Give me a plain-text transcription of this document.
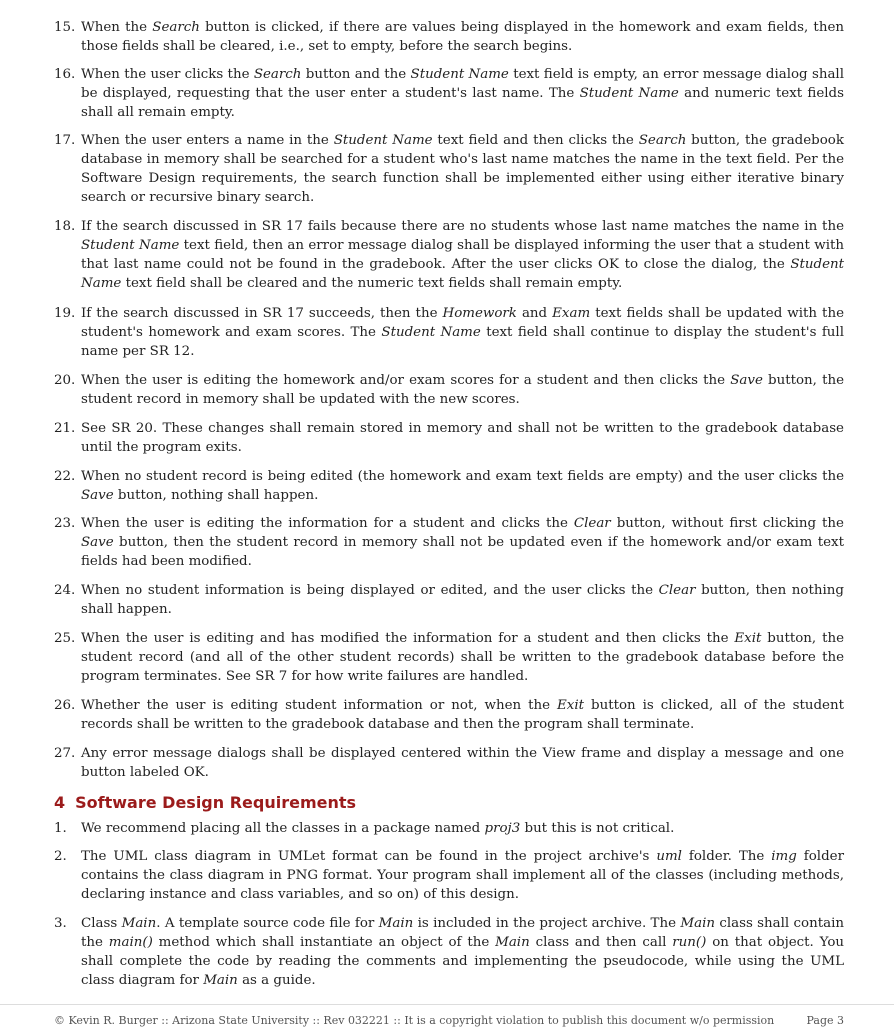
15. When the Search button is clicked, if there are values being displayed in the homework and exam fields, then those fields shall be cleared, i.e., set to empty, before the search begins.
16. When the user clicks the Search button and the Student Name text field is empty, an error message dialog shall be displayed, requesting that the user enter a student's last name. The Student Name and numeric text fields shall all remain empty.
17. When the user enters a name in the Student Name text field and then clicks the Search button, the gradebook database in memory shall be searched for a student who's last name matches the name in the text field. Per the Software Design requirements, the search function shall be implemented either using either iterative binary search or recursive binary search.
18. If the search discussed in SR 17 fails because there are no students whose last name matches the name in the Student Name text field, then an error message dialog shall be displayed informing the user that a student with that last name could not be found in the gradebook. After the user clicks OK to close the dialog, the Student Name text field shall be cleared and the numeric text fields shall remain empty.
19. If the search discussed in SR 17 succeeds, then the Homework and Exam text fields shall be updated with the student's homework and exam scores. The Student Name text field shall continue to display the student's full name per SR 12.
20. When the user is editing the homework and/or exam scores for a student and then clicks the Save button, the student record in memory shall be updated with the new scores.
21. See SR 20. These changes shall remain stored in memory and shall not be written to the gradebook database until the program exits.
22. When no student record is being edited (the homework and exam text fields are empty) and the user clicks the Save button, nothing shall happen.
23. When the user is editing the information for a student and clicks the Clear button, without first clicking the Save button, then the student record in memory shall not be updated even if the homework and/or exam text fields had been modified.
24. When no student information is being displayed or edited, and the user clicks the Clear button, then nothing shall happen.
25. When the user is editing and has modified the information for a student and then clicks the Exit button, the student record (and all of the other student records) shall be written to the gradebook database before the program terminates. See SR 7 for how write failures are handled.
26. Whether the user is editing student information or not, when the Exit button is clicked, all of the student records shall be written to the gradebook database and then the program shall terminate.
27. Any error message dialogs shall be displayed centered within the View frame and display a message and one button labeled OK.
4 Software Design Requirements
1.	We recommend placing all the classes in a package named proj3 but this is not critical.
2.	The UML class diagram in UMLet format can be found in the project archive's uml folder. The img folder contains the class diagram in PNG format. Your program shall implement all of the classes (including methods, declaring instance and class variables, and so on) of this design.
3.	Class Main. A template source code file for Main is included in the project archive. The Main class shall contain the main() method which shall instantiate an object of the Main class and then call run() on that object. You shall complete the code by reading the comments and implementing the pseudocode, while using the UML class diagram for Main as a guide.
© Kevin R. Burger :: Arizona State University :: Rev 032221 :: It is a copyright violation to publish this document w/o permission	Page 3
